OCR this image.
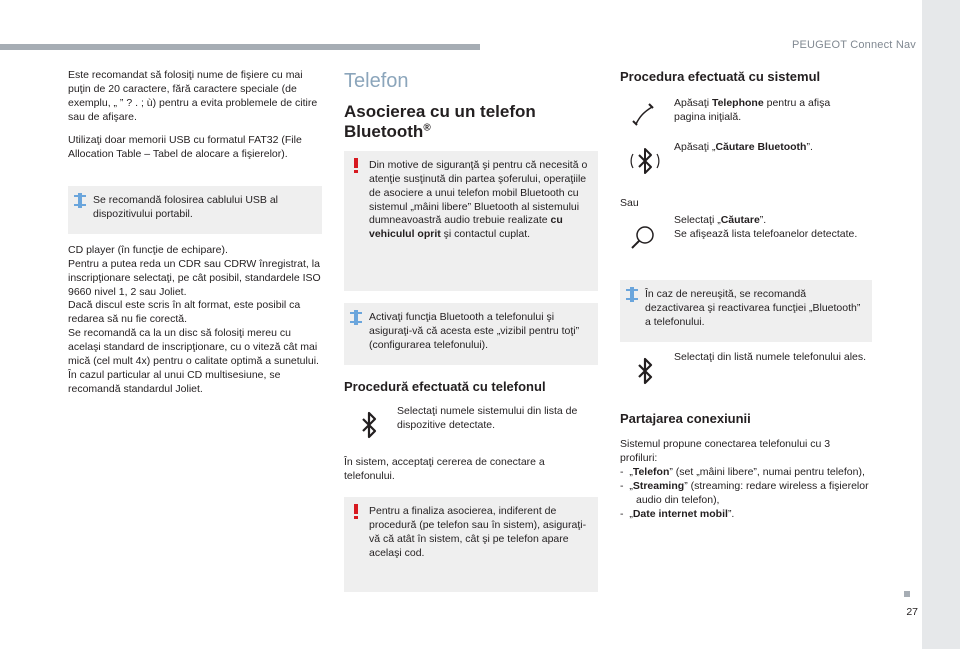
PEUGEOT Connect Nav
27

Este recomandat să folosiţi nume de fişiere cu mai puţin de 20 caractere, fără caractere speciale (de exemplu, „ ” ? . ; ù) pentru a evita problemele de citire sau de afişare.

Utilizaţi doar memorii USB cu formatul FAT32 (File Allocation Table – Tabel de alocare a fişierelor).

Se recomandă folosirea cablului USB al dispozitivului portabil.

CD player (în funcţie de echipare).
Pentru a putea reda un CDR sau CDRW înregistrat, la inscripţionare selectaţi, pe cât posibil, standardele ISO 9660 nivel 1, 2 sau Joliet.
Dacă discul este scris în alt format, este posibil ca redarea să nu fie corectă.
Se recomandă ca la un disc să folosiţi mereu cu acelaşi standard de inscripţionare, cu o viteză cât mai mică (cel mult 4x) pentru o calitate optimă a sunetului.
În cazul particular al unui CD multisesiune, se recomandă standardul Joliet.

Telefon
Asocierea cu un telefon Bluetooth®
Din motive de siguranţă şi pentru că necesită o atenţie susţinută din partea şoferului, operaţiile de asociere a unui telefon mobil Bluetooth cu sistemul „mâini libere” Bluetooth al sistemului dumneavoastră audio trebuie realizate cu vehiculul oprit şi contactul cuplat.
Activaţi funcţia Bluetooth a telefonului şi asiguraţi-vă că acesta este „vizibil pentru toţi” (configurarea telefonului).
Procedură efectuată cu telefonul

Selectaţi numele sistemului din lista de dispozitive detectate.

În sistem, acceptaţi cererea de conectare a telefonului.

Pentru a finaliza asocierea, indiferent de procedură (pe telefon sau în sistem), asiguraţi-vă că atât în sistem, cât şi pe telefon apare acelaşi cod.
Procedura efectuată cu sistemul

Apăsaţi Telephone pentru a afişa pagina iniţială.

Apăsaţi „Căutare Bluetooth”.

Sau

Selectaţi „Căutare”.

Se afişează lista telefoanelor detectate.

În caz de nereuşită, se recomandă dezactivarea şi reactivarea funcţiei „Bluetooth” a telefonului.

Selectaţi din listă numele telefonului ales.

Partajarea conexiunii

Sistemul propune conectarea telefonului cu 3 profiluri:

-  „Telefon” (set „mâini libere”, numai pentru telefon),

-  „Streaming” (streaming: redare wireless a fişierelor audio din telefon),

-  „Date internet mobil”.
